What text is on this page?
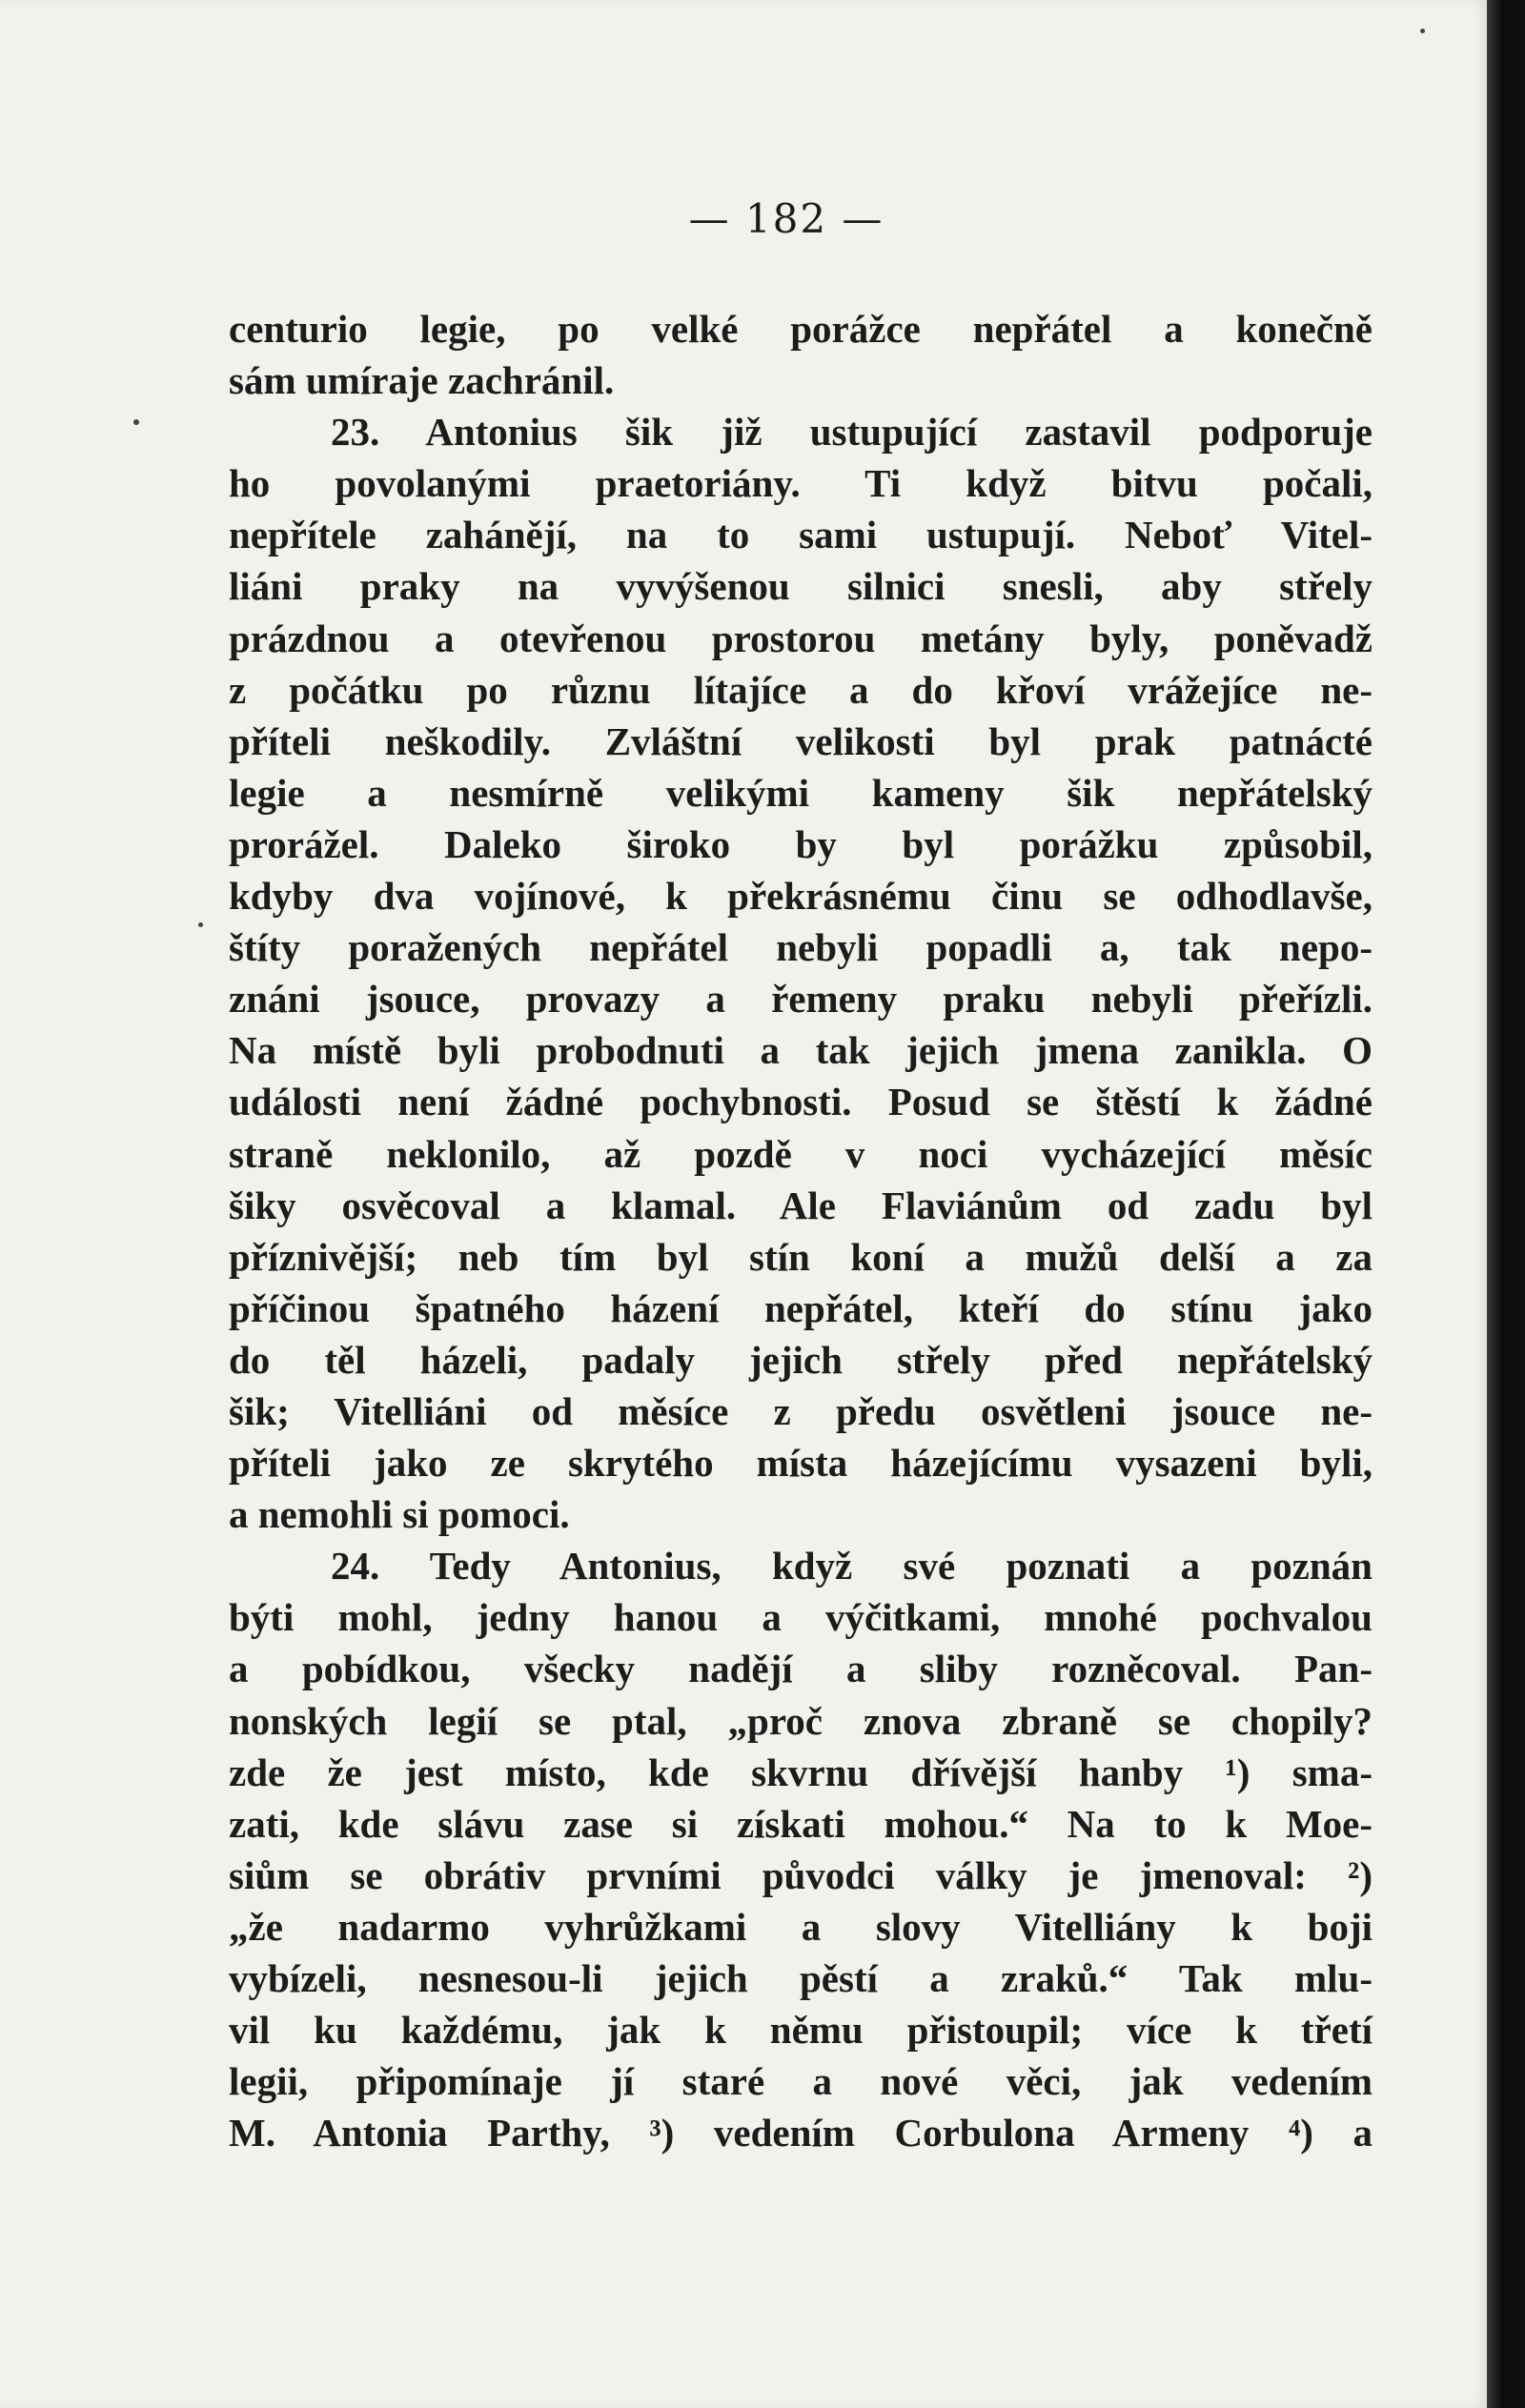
— 182 —
centurio legie, po velké porážce nepřátel a konečně
sám umíraje zachránil.
23. Antonius šik již ustupující zastavil podporuje
ho povolanými praetoriány. Ti když bitvu počali,
nepřítele zahánějí, na to sami ustupují. Neboť Vitel-
liáni praky na vyvýšenou silnici snesli, aby střely
prázdnou a otevřenou prostorou metány byly, poněvadž
z počátku po různu lítajíce a do křoví vrážejíce ne-
příteli neškodily. Zvláštní velikosti byl prak patnácté
legie a nesmírně velikými kameny šik nepřátelský
prorážel. Daleko široko by byl porážku způsobil,
kdyby dva vojínové, k překrásnému činu se odhodlavše,
štíty poražených nepřátel nebyli popadli a, tak nepo-
znáni jsouce, provazy a řemeny praku nebyli přeřízli.
Na místě byli probodnuti a tak jejich jmena zanikla. O
události není žádné pochybnosti. Posud se štěstí k žádné
straně neklonilo, až pozdě v noci vycházející měsíc
šiky osvěcoval a klamal. Ale Flaviánům od zadu byl
příznivější; neb tím byl stín koní a mužů delší a za
příčinou špatného házení nepřátel, kteří do stínu jako
do těl házeli, padaly jejich střely před nepřátelský
šik; Vitelliáni od měsíce z předu osvětleni jsouce ne-
příteli jako ze skrytého místa házejícímu vysazeni byli,
a nemohli si pomoci.
24. Tedy Antonius, když své poznati a poznán
býti mohl, jedny hanou a výčitkami, mnohé pochvalou
a pobídkou, všecky nadějí a sliby rozněcoval. Pan-
nonských legií se ptal, „proč znova zbraně se chopily?
zde že jest místo, kde skvrnu dřívější hanby ¹) sma-
zati, kde slávu zase si získati mohou.“ Na to k Moe-
siům se obrátiv prvními původci války je jmenoval: ²)
„že nadarmo vyhrůžkami a slovy Vitelliány k boji
vybízeli, nesnesou-li jejich pěstí a zraků.“ Tak mlu-
vil ku každému, jak k němu přistoupil; více k třetí
legii, připomínaje jí staré a nové věci, jak vedením
M. Antonia Parthy, ³) vedením Corbulona Armeny ⁴) a
